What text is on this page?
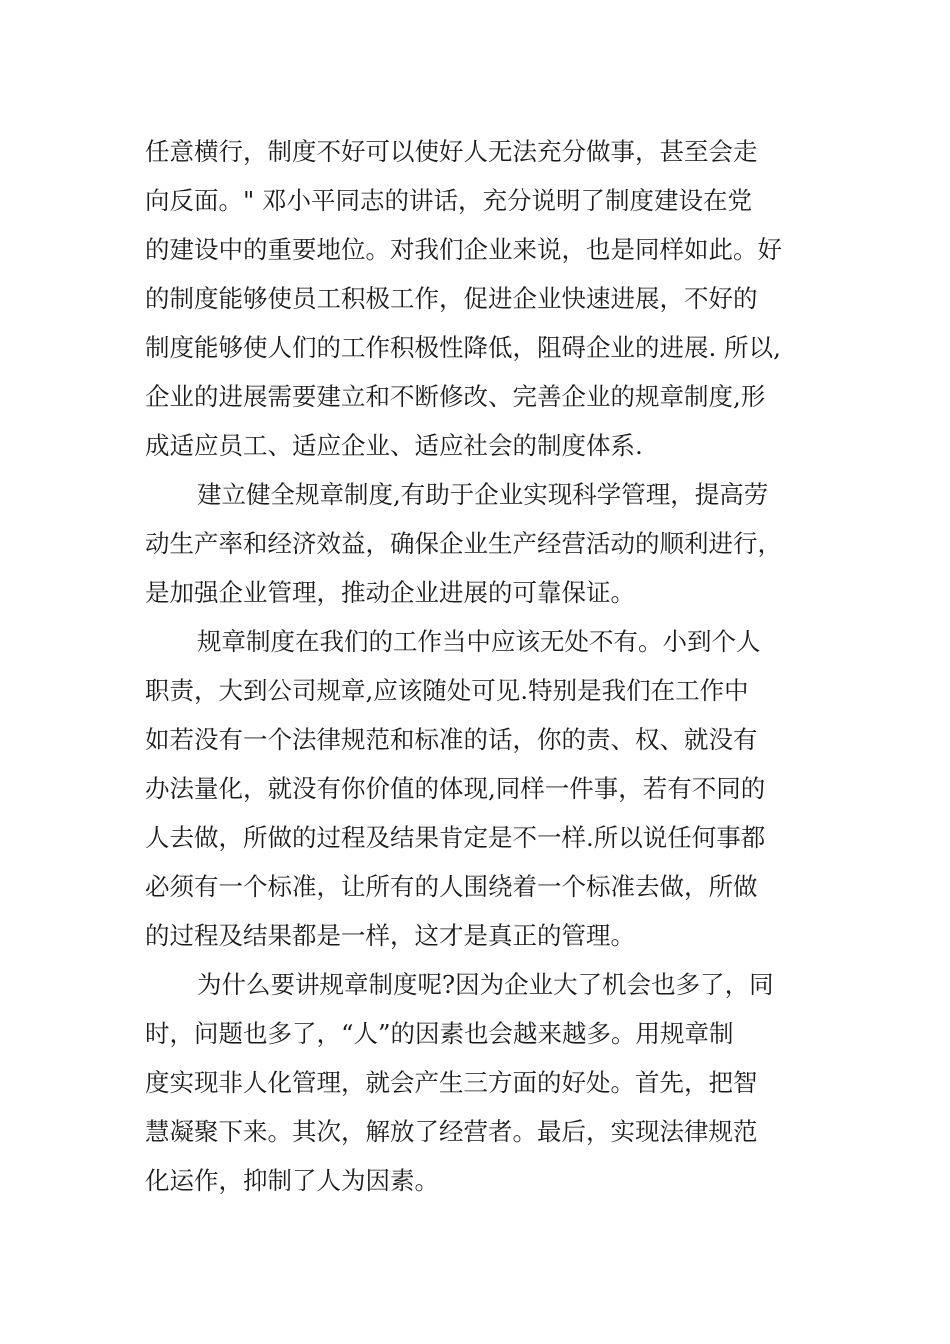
任意横行，制度不好可以使好人无法充分做事，甚至会走
向反面。" 邓小平同志的讲话，充分说明了制度建设在党
的建设中的重要地位。对我们企业来说，也是同样如此。好
的制度能够使员工积极工作，促进企业快速进展，不好的
制度能够使人们的工作积极性降低，阻碍企业的进展. 所以,
企业的进展需要建立和不断修改、完善企业的规章制度,形
成适应员工、适应企业、适应社会的制度体系.
建立健全规章制度,有助于企业实现科学管理，提高劳
动生产率和经济效益，确保企业生产经营活动的顺利进行，
是加强企业管理，推动企业进展的可靠保证。
规章制度在我们的工作当中应该无处不有。小到个人
职责，大到公司规章,应该随处可见.特别是我们在工作中
如若没有一个法律规范和标准的话，你的责、权、就没有
办法量化，就没有你价值的体现,同样一件事，若有不同的
人去做，所做的过程及结果肯定是不一样.所以说任何事都
必须有一个标准，让所有的人围绕着一个标准去做，所做
的过程及结果都是一样，这才是真正的管理。
为什么要讲规章制度呢?因为企业大了机会也多了，同
时，问题也多了，“人”的因素也会越来越多。用规章制
度实现非人化管理，就会产生三方面的好处。首先，把智
慧凝聚下来。其次，解放了经营者。最后，实现法律规范
化运作，抑制了人为因素。
